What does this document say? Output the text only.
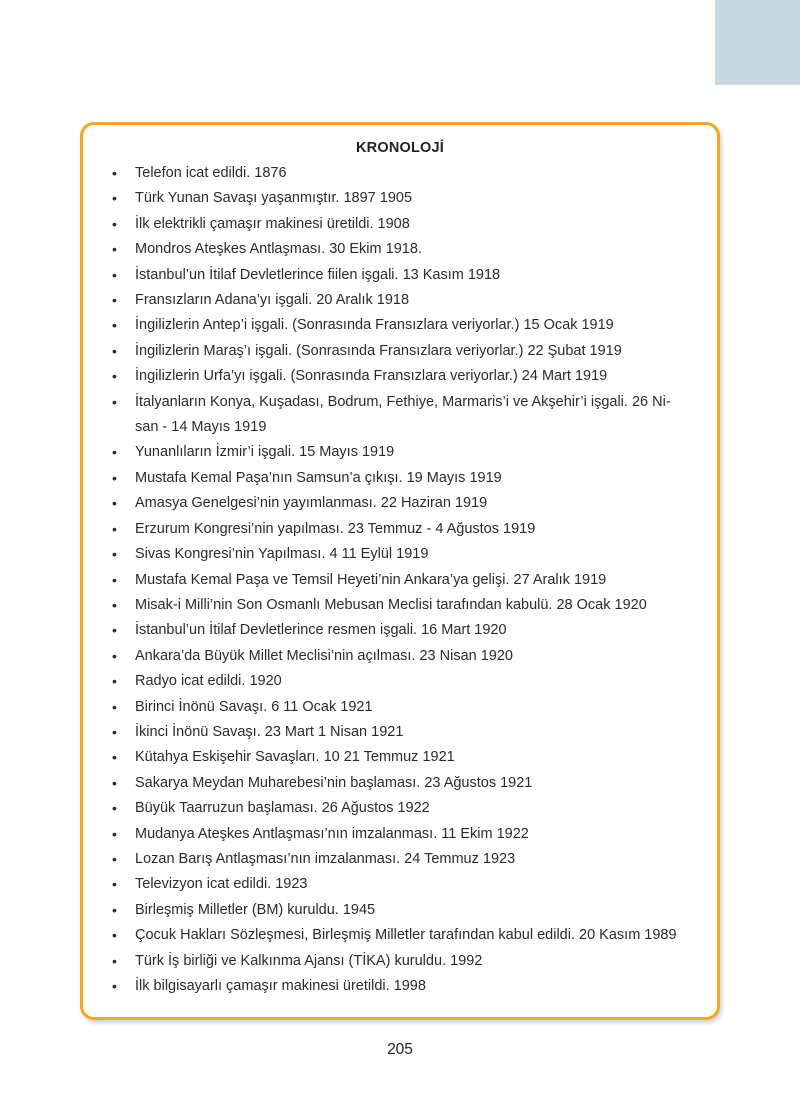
KRONOLOJİ
• Telefon icat edildi. 1876
• Türk Yunan Savaşı yaşanmıştır. 1897 1905
• İlk elektrikli çamaşır makinesi üretildi. 1908
• Mondros Ateşkes Antlaşması. 30 Ekim 1918.
• İstanbul’un İtilaf Devletlerince fiilen işgali. 13 Kasım 1918
• Fransızların Adana’yı işgali. 20 Aralık 1918
• İngilizlerin Antep’i işgali. (Sonrasında Fransızlara veriyorlar.) 15 Ocak 1919
• İngilizlerin Maraş’ı işgali. (Sonrasında Fransızlara veriyorlar.) 22 Şubat 1919
• İngilizlerin Urfa’yı işgali. (Sonrasında Fransızlara veriyorlar.) 24 Mart 1919
• İtalyanların Konya, Kuşadası, Bodrum, Fethiye, Marmaris’i ve Akşehir’i işgali. 26 Ni-
san - 14 Mayıs 1919
• Yunanlıların İzmir’i işgali. 15 Mayıs 1919
• Mustafa Kemal Paşa’nın Samsun’a çıkışı. 19 Mayıs 1919
• Amasya Genelgesi’nin yayımlanması. 22 Haziran 1919
• Erzurum Kongresi’nin yapılması. 23 Temmuz - 4 Ağustos 1919
• Sivas Kongresi’nin Yapılması. 4 11 Eylül 1919
• Mustafa Kemal Paşa ve Temsil Heyeti’nin Ankara’ya gelişi. 27 Aralık 1919
• Misak-i Milli’nin Son Osmanlı Mebusan Meclisi tarafından kabulü. 28 Ocak 1920
• İstanbul’un İtilaf Devletlerince resmen işgali. 16 Mart 1920
• Ankara’da Büyük Millet Meclisi’nin açılması. 23 Nisan 1920
• Radyo icat edildi. 1920
• Birinci İnönü Savaşı. 6 11 Ocak 1921
• İkinci İnönü Savaşı. 23 Mart 1 Nisan 1921
• Kütahya Eskişehir Savaşları. 10 21 Temmuz 1921
• Sakarya Meydan Muharebesi’nin başlaması. 23 Ağustos 1921
• Büyük Taarruzun başlaması. 26 Ağustos 1922
• Mudanya Ateşkes Antlaşması’nın imzalanması. 11 Ekim 1922
• Lozan Barış Antlaşması’nın imzalanması. 24 Temmuz 1923
• Televizyon icat edildi. 1923
• Birleşmiş Milletler (BM) kuruldu. 1945
• Çocuk Hakları Sözleşmesi, Birleşmiş Milletler tarafından kabul edildi. 20 Kasım 1989
• Türk İş birliği ve Kalkınma Ajansı (TİKA) kuruldu. 1992
• İlk bilgisayarlı çamaşır makinesi üretildi. 1998
205
